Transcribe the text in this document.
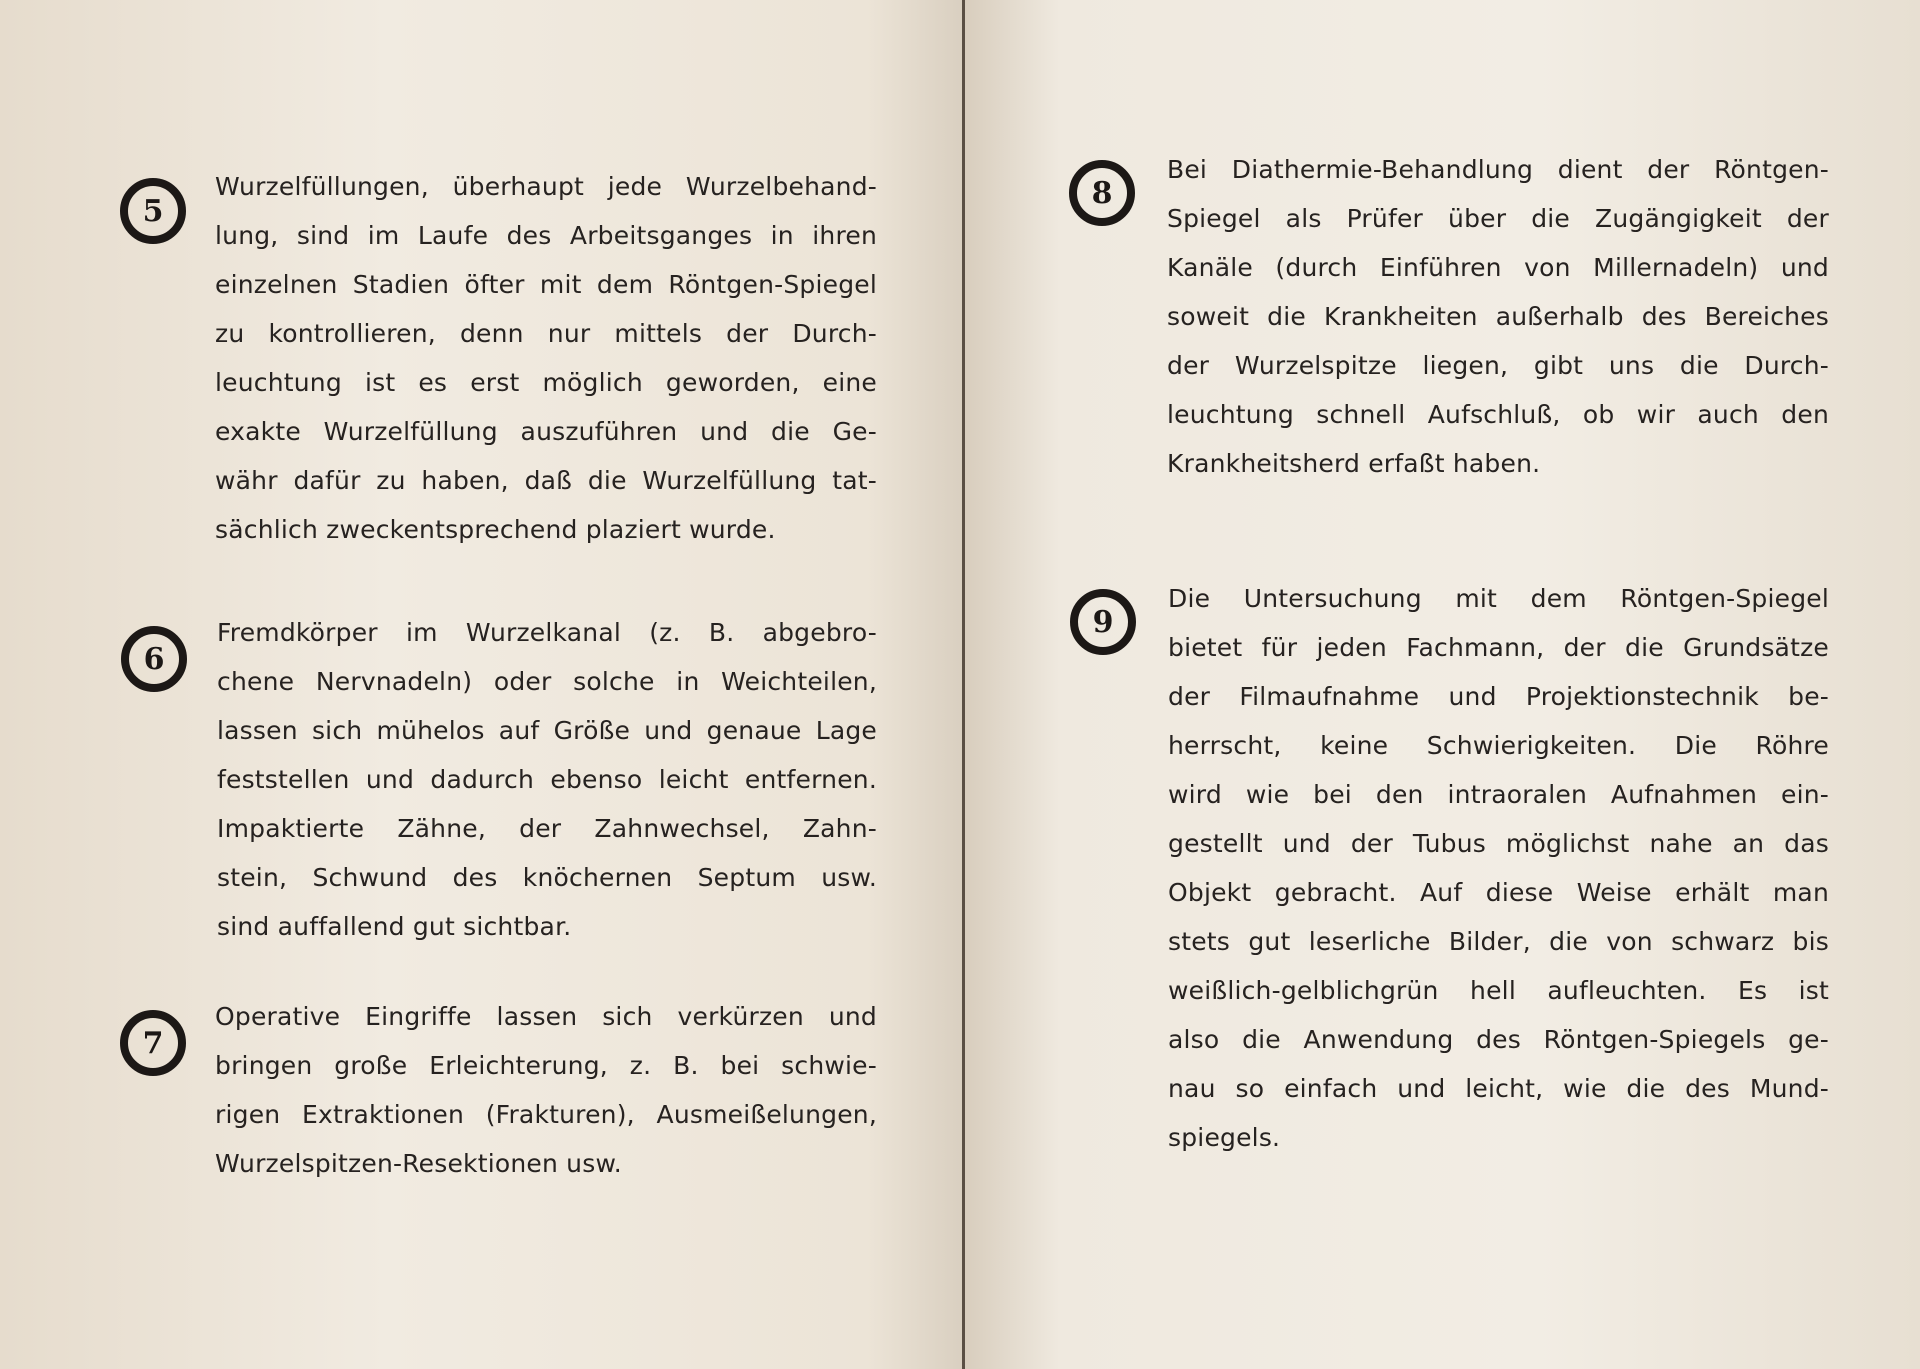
5
Wurzelfüllungen, überhaupt jede Wurzelbehand-
lung, sind im Laufe des Arbeitsganges in ihren
einzelnen Stadien öfter mit dem Röntgen-Spiegel
zu kontrollieren, denn nur mittels der Durch-
leuchtung ist es erst möglich geworden, eine
exakte Wurzelfüllung auszuführen und die Ge-
währ dafür zu haben, daß die Wurzelfüllung tat-
sächlich zweckentsprechend plaziert wurde.
6
Fremdkörper im Wurzelkanal (z. B. abgebro-
chene Nervnadeln) oder solche in Weichteilen,
lassen sich mühelos auf Größe und genaue Lage
feststellen und dadurch ebenso leicht entfernen.
Impaktierte Zähne, der Zahnwechsel, Zahn-
stein, Schwund des knöchernen Septum usw.
sind auffallend gut sichtbar.
7
Operative Eingriffe lassen sich verkürzen und
bringen große Erleichterung, z. B. bei schwie-
rigen Extraktionen (Frakturen), Ausmeißelungen,
Wurzelspitzen-Resektionen usw.
8
Bei Diathermie-Behandlung dient der Röntgen-
Spiegel als Prüfer über die Zugängigkeit der
Kanäle (durch Einführen von Millernadeln) und
soweit die Krankheiten außerhalb des Bereiches
der Wurzelspitze liegen, gibt uns die Durch-
leuchtung schnell Aufschluß, ob wir auch den
Krankheitsherd erfaßt haben.
9
Die Untersuchung mit dem Röntgen-Spiegel
bietet für jeden Fachmann, der die Grundsätze
der Filmaufnahme und Projektionstechnik be-
herrscht, keine Schwierigkeiten. Die Röhre
wird wie bei den intraoralen Aufnahmen ein-
gestellt und der Tubus möglichst nahe an das
Objekt gebracht. Auf diese Weise erhält man
stets gut leserliche Bilder, die von schwarz bis
weißlich-gelblichgrün hell aufleuchten. Es ist
also die Anwendung des Röntgen-Spiegels ge-
nau so einfach und leicht, wie die des Mund-
spiegels.
